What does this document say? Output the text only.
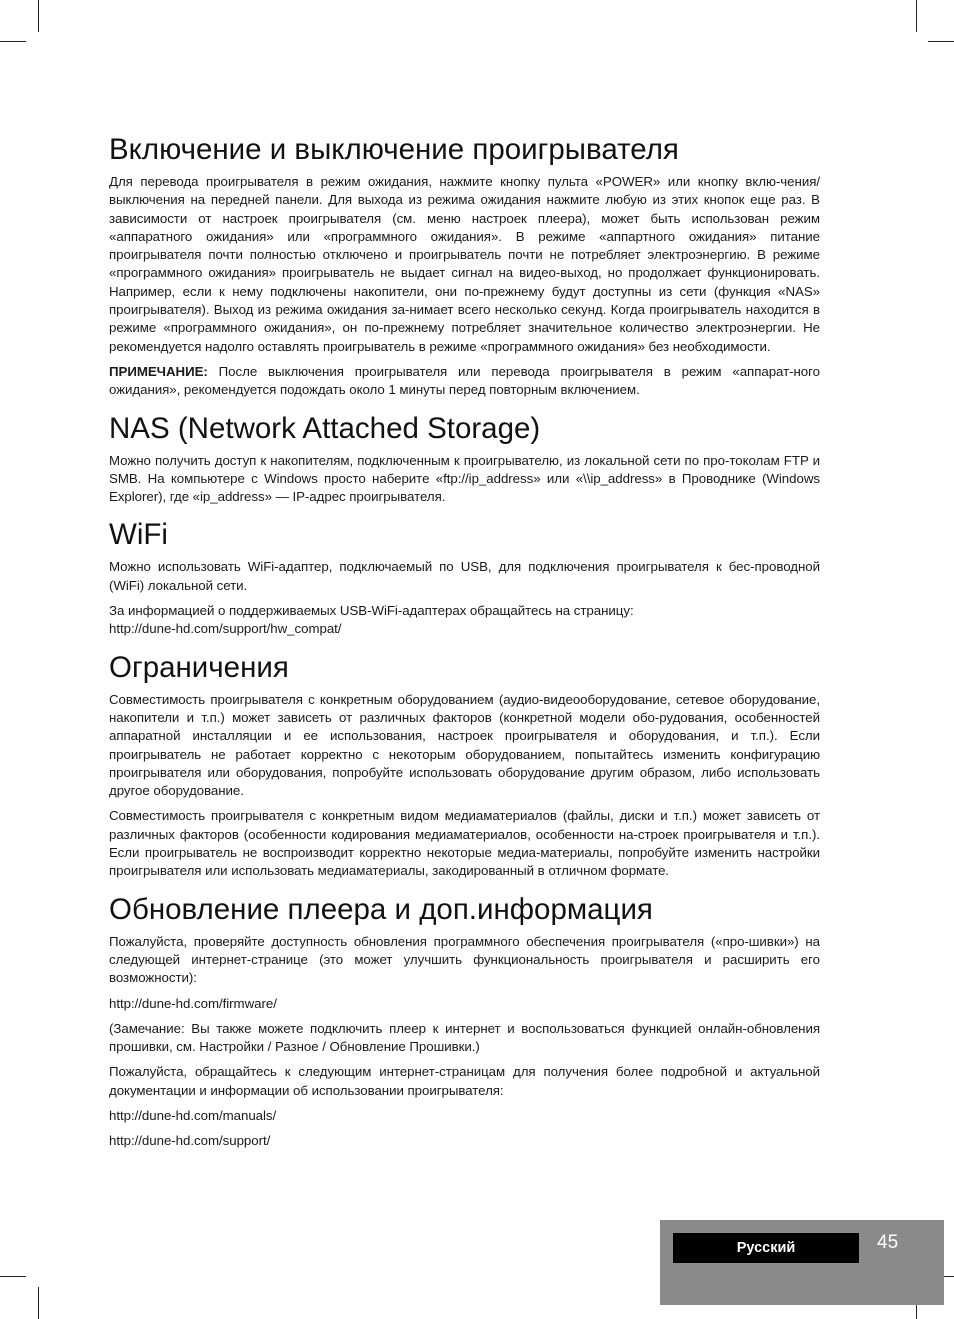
Включение и выключение проигрывателя

Для перевода проигрывателя в режим ожидания, нажмите кнопку пульта «POWER» или кнопку вклю-чения/выключения на передней панели. Для выхода из режима ожидания нажмите любую из этих кнопок еще раз. В зависимости от настроек проигрывателя (см. меню настроек плеера), может быть использован режим «аппаратного ожидания» или «программного ожидания». В режиме «аппартного ожидания» питание проигрывателя почти полностью отключено и проигрыватель почти не потребляет электроэнергию. В режиме «программного ожидания» проигрыватель не выдает сигнал на видео-выход, но продолжает функционировать. Например, если к нему подключены накопители, они по-прежнему будут доступны из сети (функция «NAS» проигрывателя). Выход из режима ожидания за-нимает всего несколько секунд. Когда проигрыватель находится в режиме «программного ожидания», он по-прежнему потребляет значительное количество электроэнергии. Не рекомендуется надолго оставлять проигрыватель в режиме «программного ожидания» без необходимости.

ПРИМЕЧАНИЕ: После выключения проигрывателя или перевода проигрывателя в режим «аппарат-ного ожидания», рекомендуется подождать около 1 минуты перед повторным включением.

NAS (Network Attached Storage)

Можно получить доступ к накопителям, подключенным к проигрывателю, из локальной сети по про-токолам FTP и SMB. На компьютере с Windows просто наберите «ftp://ip_address» или «\\ip_address» в Проводнике (Windows Explorer), где «ip_address» — IP-адрес проигрывателя.

WiFi

Можно использовать WiFi-адаптер, подключаемый по USB, для подключения проигрывателя к бес-проводной (WiFi) локальной сети.

За информацией о поддерживаемых USB-WiFi-адаптерах обращайтесь на страницу:

http://dune-hd.com/support/hw_compat/

Ограничения

Совместимость проигрывателя с конкретным оборудованием (аудио-видеооборудование, сетевое оборудование, накопители и т.п.) может зависеть от различных факторов (конкретной модели обо-рудования, особенностей аппаратной инсталляции и ее использования, настроек проигрывателя и оборудования, и т.п.). Если проигрыватель не работает корректно с некоторым оборудованием, попытайтесь изменить конфигурацию проигрывателя или оборудования, попробуйте использовать оборудование другим образом, либо использовать другое оборудование.

Совместимость проигрывателя с конкретным видом медиаматериалов (файлы, диски и т.п.) может зависеть от различных факторов (особенности кодирования медиаматериалов, особенности на-строек проигрывателя и т.п.). Если проигрыватель не воспроизводит корректно некоторые медиа-материалы, попробуйте изменить настройки проигрывателя или использовать медиаматериалы, закодированный в отличном формате.

Обновление плеера и доп.информация

Пожалуйста, проверяйте доступность обновления программного обеспечения проигрывателя («про-шивки») на следующей интернет-странице (это может улучшить функциональность проигрывателя и расширить его возможности):

http://dune-hd.com/firmware/

(Замечание: Вы также можете подключить плеер к интернет и воспользоваться функцией онлайн-обновления прошивки, см. Настройки / Разное / Обновление Прошивки.)

Пожалуйста, обращайтесь к следующим интернет-страницам для получения более подробной и актуальной документации и информации об использовании проигрывателя:

http://dune-hd.com/manuals/

http://dune-hd.com/support/

Русский	45
